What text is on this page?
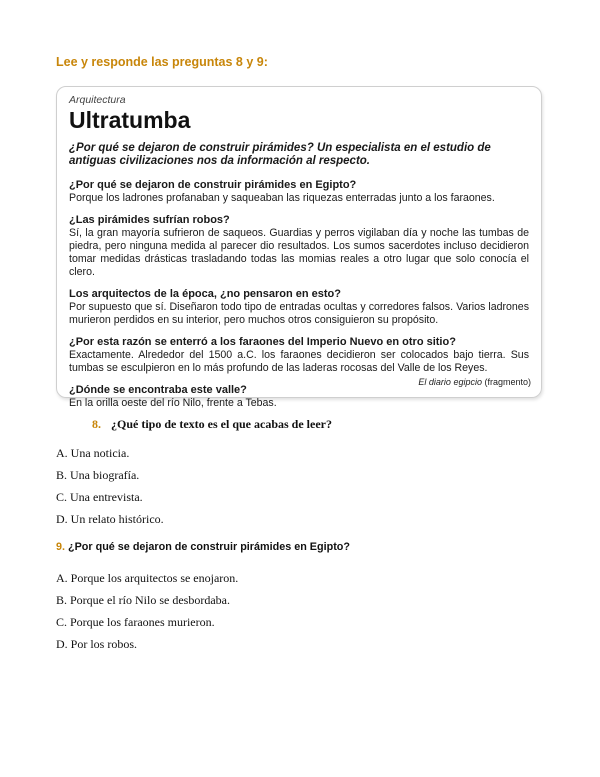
Lee y responde las preguntas 8 y 9:

Arquitectura
Ultratumba
¿Por qué se dejaron de construir pirámides? Un especialista en el estudio de antiguas civilizaciones nos da información al respecto.
¿Por qué se dejaron de construir pirámides en Egipto?
Porque los ladrones profanaban y saqueaban las riquezas enterradas junto a los faraones.
¿Las pirámides sufrían robos?
Sí, la gran mayoría sufrieron de saqueos. Guardias y perros vigilaban día y noche las tumbas de piedra, pero ninguna medida al parecer dio resultados. Los sumos sacerdotes incluso decidieron tomar medidas drásticas trasladando todas las momias reales a otro lugar que solo conocía el clero.
Los arquitectos de la época, ¿no pensaron en esto?
Por supuesto que sí. Diseñaron todo tipo de entradas ocultas y corredores falsos. Varios ladrones murieron perdidos en su interior, pero muchos otros consiguieron su propósito.
¿Por esta razón se enterró a los faraones del Imperio Nuevo en otro sitio?
Exactamente. Alrededor del 1500 a.C. los faraones decidieron ser colocados bajo tierra. Sus tumbas se esculpieron en lo más profundo de las laderas rocosas del Valle de los Reyes.
¿Dónde se encontraba este valle?
En la orilla oeste del río Nilo, frente a Tebas.
El diario egipcio (fragmento)

8. ¿Qué tipo de texto es el que acabas de leer?

A. Una noticia.

B. Una biografía.

C. Una entrevista.

D. Un relato histórico.

9. ¿Por qué se dejaron de construir pirámides en Egipto?

A. Porque los arquitectos se enojaron.

B. Porque el río Nilo se desbordaba.

C. Porque los faraones murieron.

D. Por los robos.
